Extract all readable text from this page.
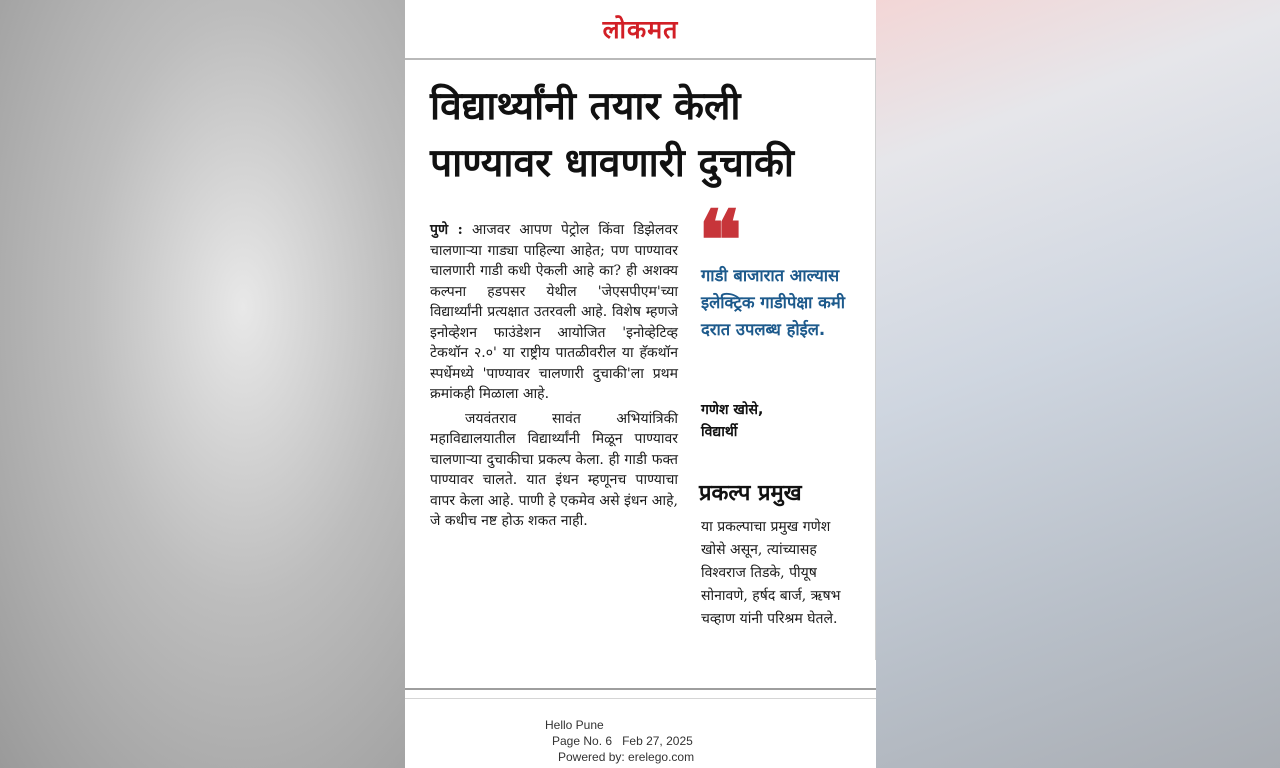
लोकमत
विद्यार्थ्यांनी तयार केली
पाण्यावर धावणारी दुचाकी

पुणे : आजवर आपण पेट्रोल किंवा डिझेलवर चालणाऱ्या गाड्या पाहिल्या आहेत; पण पाण्यावर चालणारी गाडी कधी ऐकली आहे का? ही अशक्य कल्पना हडपसर येथील 'जेएसपीएम'च्या विद्यार्थ्यांनी प्रत्यक्षात उतरवली आहे. विशेष म्हणजे इनोव्हेशन फाउंडेशन आयोजित 'इनोव्हेटिव्ह टेकथॉन २.०' या राष्ट्रीय पातळीवरील या हॅकथॉन स्पर्धेमध्ये 'पाण्यावर चालणारी दुचाकी'ला प्रथम क्रमांकही मिळाला आहे.

जयवंतराव सावंत अभियांत्रिकी महाविद्यालयातील विद्यार्थ्यांनी मिळून पाण्यावर चालणाऱ्या दुचाकीचा प्रकल्प केला. ही गाडी फक्त पाण्यावर चालते. यात इंधन म्हणूनच पाण्याचा वापर केला आहे. पाणी हे एकमेव असे इंधन आहे, जे कधीच नष्ट होऊ शकत नाही.

❝
गाडी बाजारात आल्यास इलेक्ट्रिक गाडीपेक्षा कमी दरात उपलब्ध होईल.
गणेश खोसे,
विद्यार्थी
प्रकल्प प्रमुख
या प्रकल्पाचा प्रमुख गणेश खोसे असून, त्यांच्यासह विश्वराज तिडके, पीयूष सोनावणे, हर्षद बार्ज, ऋषभ चव्हाण यांनी परिश्रम घेतले.
Hello Pune
Page No. 6 Feb 27, 2025
Powered by: erelego.com
